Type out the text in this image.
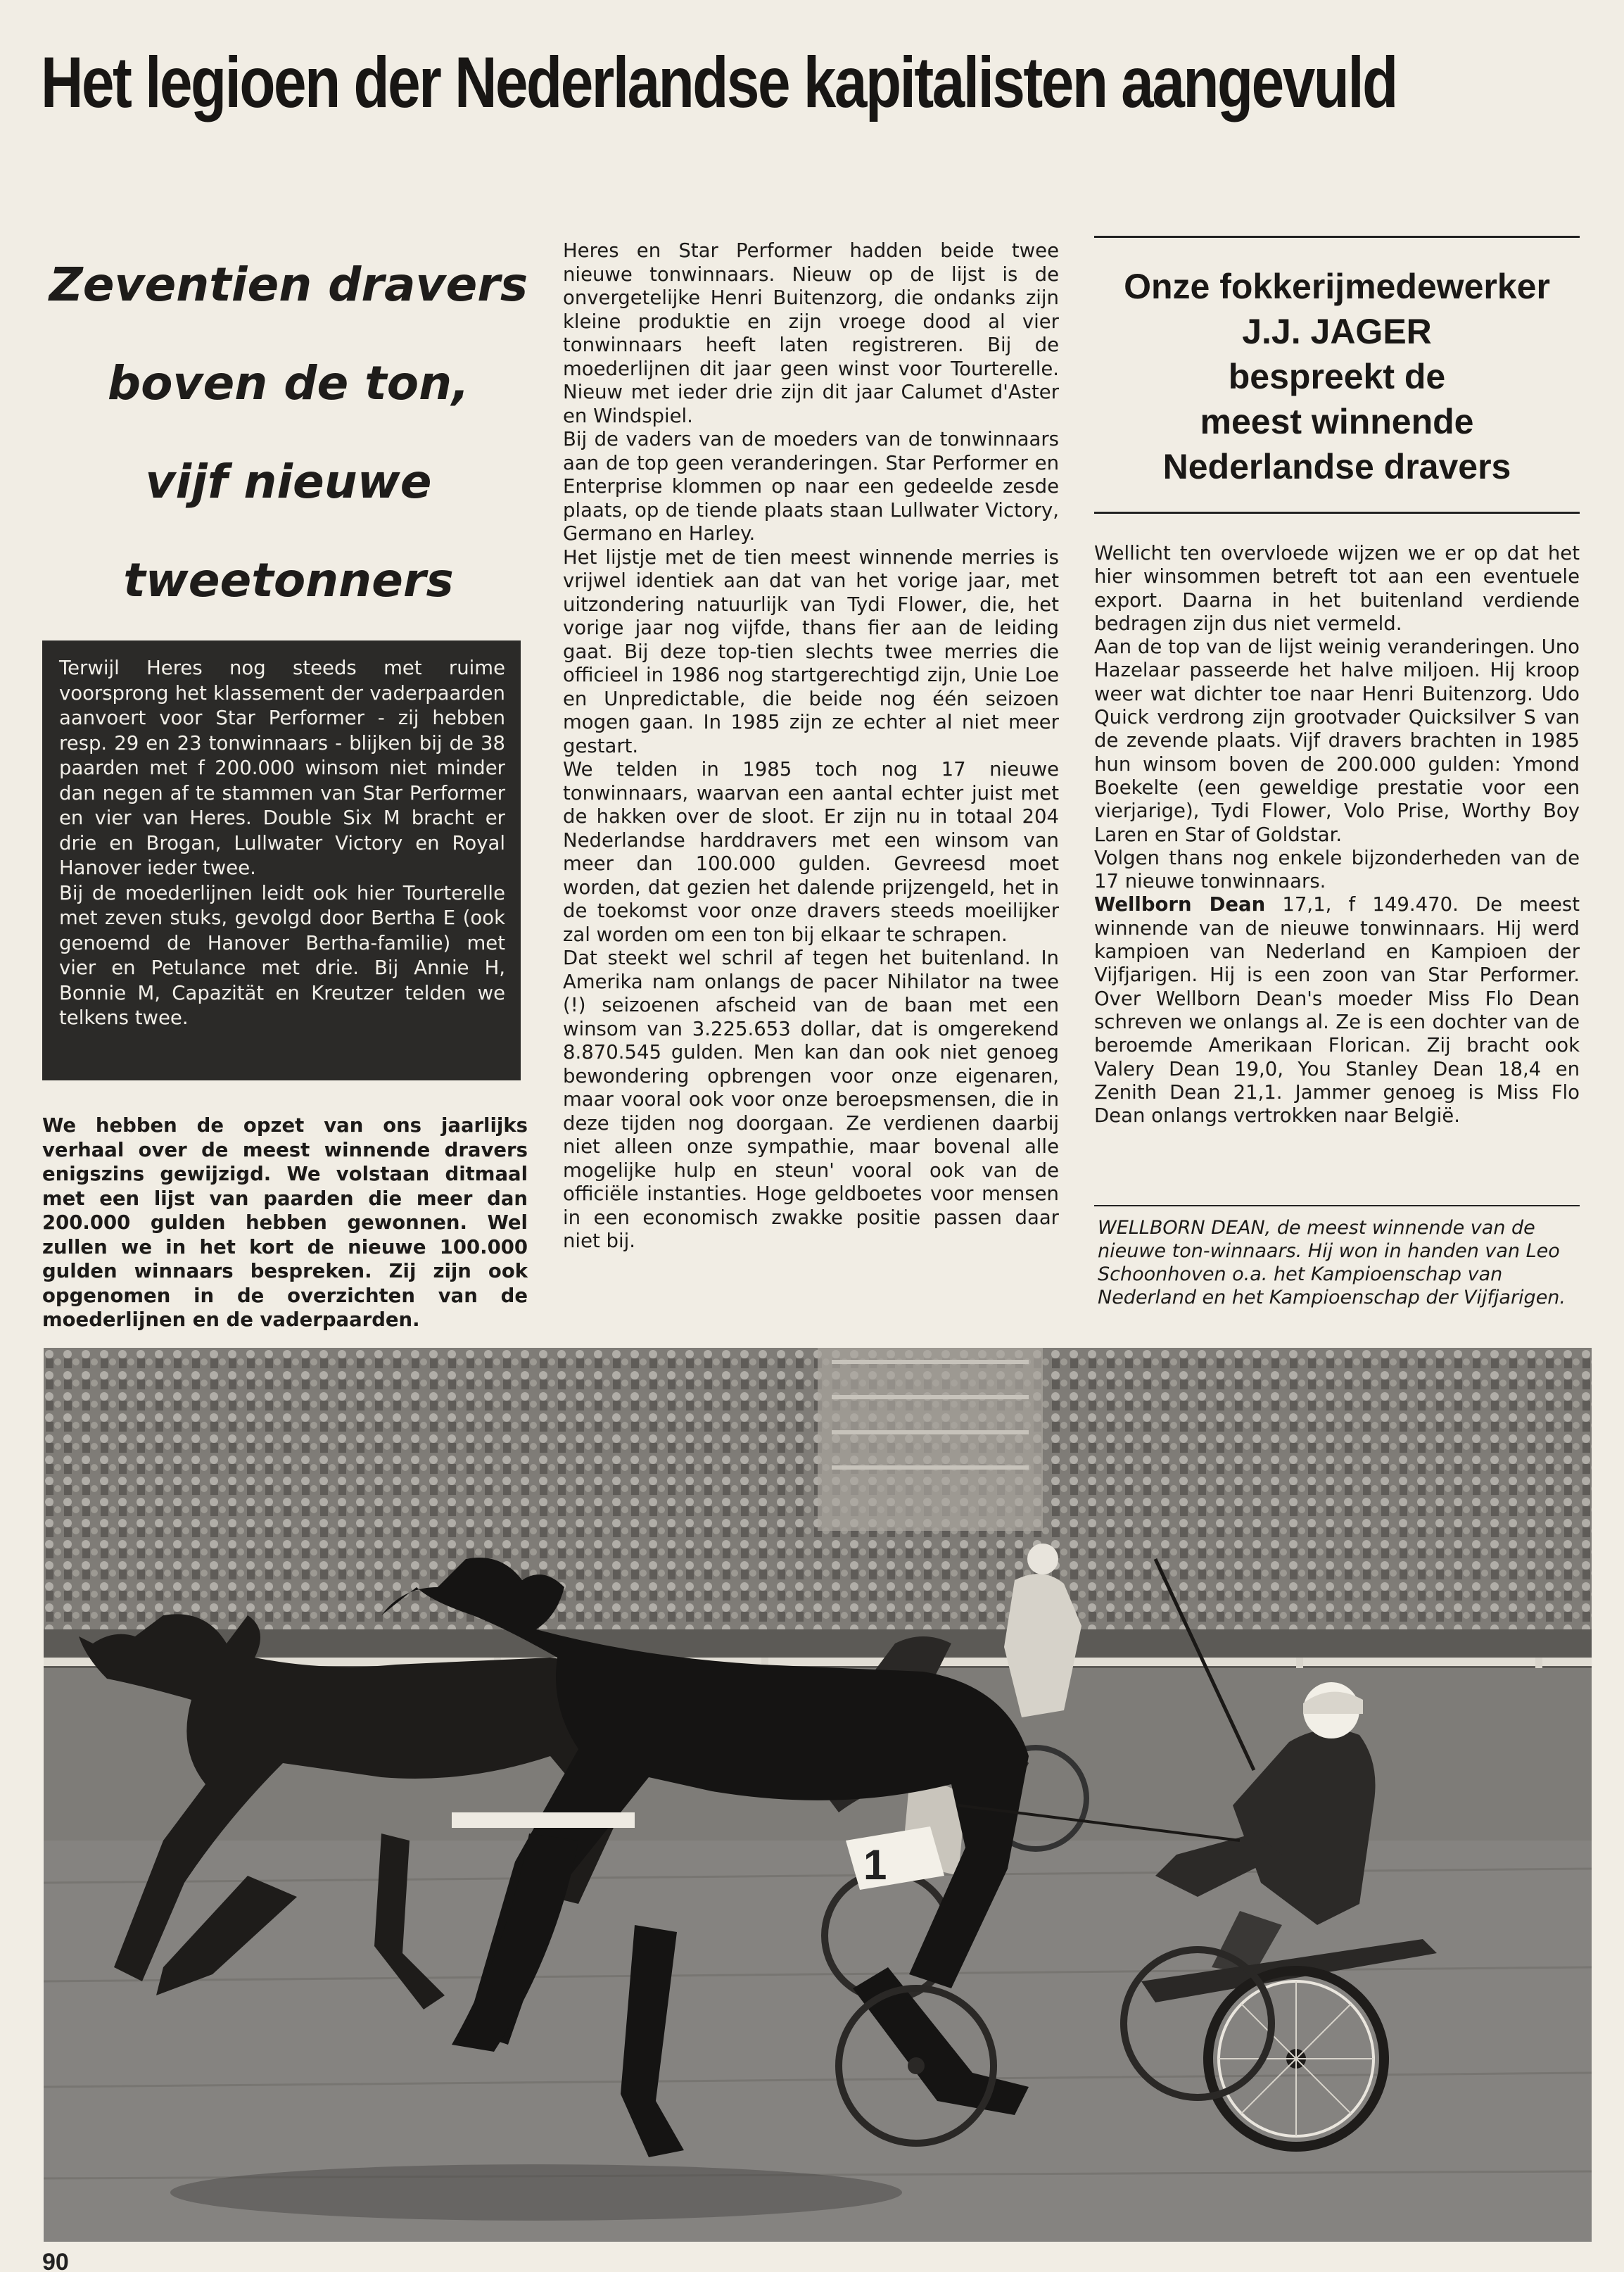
Het legioen der Nederlandse kapitalisten aangevuld
Zeventien dravers
boven de ton,
vijf nieuwe
tweetonners

Terwijl Heres nog steeds met ruime voorsprong het klassement der vaderpaarden aanvoert voor Star Performer - zij hebben resp. 29 en 23 tonwinnaars - blijken bij de 38 paarden met f 200.000 winsom niet minder dan negen af te stammen van Star Performer en vier van Heres. Double Six M bracht er drie en Brogan, Lullwater Victory en Royal Hanover ieder twee.

Bij de moederlijnen leidt ook hier Tourterelle met zeven stuks, gevolgd door Bertha E (ook genoemd de Hanover Bertha-familie) met vier en Petulance met drie. Bij Annie H, Bonnie M, Capazität en Kreutzer telden we telkens twee.

We hebben de opzet van ons jaarlijks verhaal over de meest winnende dravers enigszins gewijzigd. We volstaan ditmaal met een lijst van paarden die meer dan 200.000 gulden hebben gewonnen. Wel zullen we in het kort de nieuwe 100.000 gulden winnaars bespreken. Zij zijn ook opgenomen in de overzichten van de moederlijnen en de vaderpaarden.

Heres en Star Performer hadden beide twee nieuwe tonwinnaars. Nieuw op de lijst is de onvergetelijke Henri Buitenzorg, die ondanks zijn kleine produktie en zijn vroege dood al vier tonwinnaars heeft laten registreren. Bij de moederlijnen dit jaar geen winst voor Tourterelle. Nieuw met ieder drie zijn dit jaar Calumet d'Aster en Windspiel.

Bij de vaders van de moeders van de tonwinnaars aan de top geen veranderingen. Star Performer en Enterprise klommen op naar een gedeelde zesde plaats, op de tiende plaats staan Lullwater Victory, Germano en Harley.

Het lijstje met de tien meest winnende merries is vrijwel identiek aan dat van het vorige jaar, met uitzondering natuurlijk van Tydi Flower, die, het vorige jaar nog vijfde, thans fier aan de leiding gaat. Bij deze top-tien slechts twee merries die officieel in 1986 nog startgerechtigd zijn, Unie Loe en Unpredictable, die beide nog één seizoen mogen gaan. In 1985 zijn ze echter al niet meer gestart.

We telden in 1985 toch nog 17 nieuwe tonwinnaars, waarvan een aantal echter juist met de hakken over de sloot. Er zijn nu in totaal 204 Nederlandse harddravers met een winsom van meer dan 100.000 gulden. Gevreesd moet worden, dat gezien het dalende prijzengeld, het in de toekomst voor onze dravers steeds moeilijker zal worden om een ton bij elkaar te schrapen.

Dat steekt wel schril af tegen het buitenland. In Amerika nam onlangs de pacer Nihilator na twee (!) seizoenen afscheid van de baan met een winsom van 3.225.653 dollar, dat is omgerekend 8.870.545 gulden. Men kan dan ook niet genoeg bewondering opbrengen voor onze eigenaren, maar vooral ook voor onze beroepsmensen, die in deze tijden nog doorgaan. Ze verdienen daarbij niet alleen onze sympathie, maar bovenal alle mogelijke hulp en steun' vooral ook van de officiële instanties. Hoge geldboetes voor mensen in een economisch zwakke positie passen daar niet bij.

Onze fokkerijmedewerker
J.J. JAGER
bespreekt de
meest winnende
Nederlandse dravers

Wellicht ten overvloede wijzen we er op dat het hier winsommen betreft tot aan een eventuele export. Daarna in het buitenland verdiende bedragen zijn dus niet vermeld.

Aan de top van de lijst weinig veranderingen. Uno Hazelaar passeerde het halve miljoen. Hij kroop weer wat dichter toe naar Henri Buitenzorg. Udo Quick verdrong zijn grootvader Quicksilver S van de zevende plaats. Vijf dravers brachten in 1985 hun winsom boven de 200.000 gulden: Ymond Boekelte (een geweldige prestatie voor een vierjarige), Tydi Flower, Volo Prise, Worthy Boy Laren en Star of Goldstar.

Volgen thans nog enkele bijzonderheden van de 17 nieuwe tonwinnaars.

Wellborn Dean 17,1, f 149.470. De meest winnende van de nieuwe tonwinnaars. Hij werd kampioen van Nederland en Kampioen der Vijfjarigen. Hij is een zoon van Star Performer. Over Wellborn Dean's moeder Miss Flo Dean schreven we onlangs al. Ze is een dochter van de beroemde Amerikaan Florican. Zij bracht ook Valery Dean 19,0, You Stanley Dean 18,4 en Zenith Dean 21,1. Jammer genoeg is Miss Flo Dean onlangs vertrokken naar België.

WELLBORN DEAN, de meest winnende van de nieuwe ton-winnaars. Hij won in handen van Leo Schoonhoven o.a. het Kampioenschap van Nederland en het Kampioenschap der Vijfjarigen.
1
90
